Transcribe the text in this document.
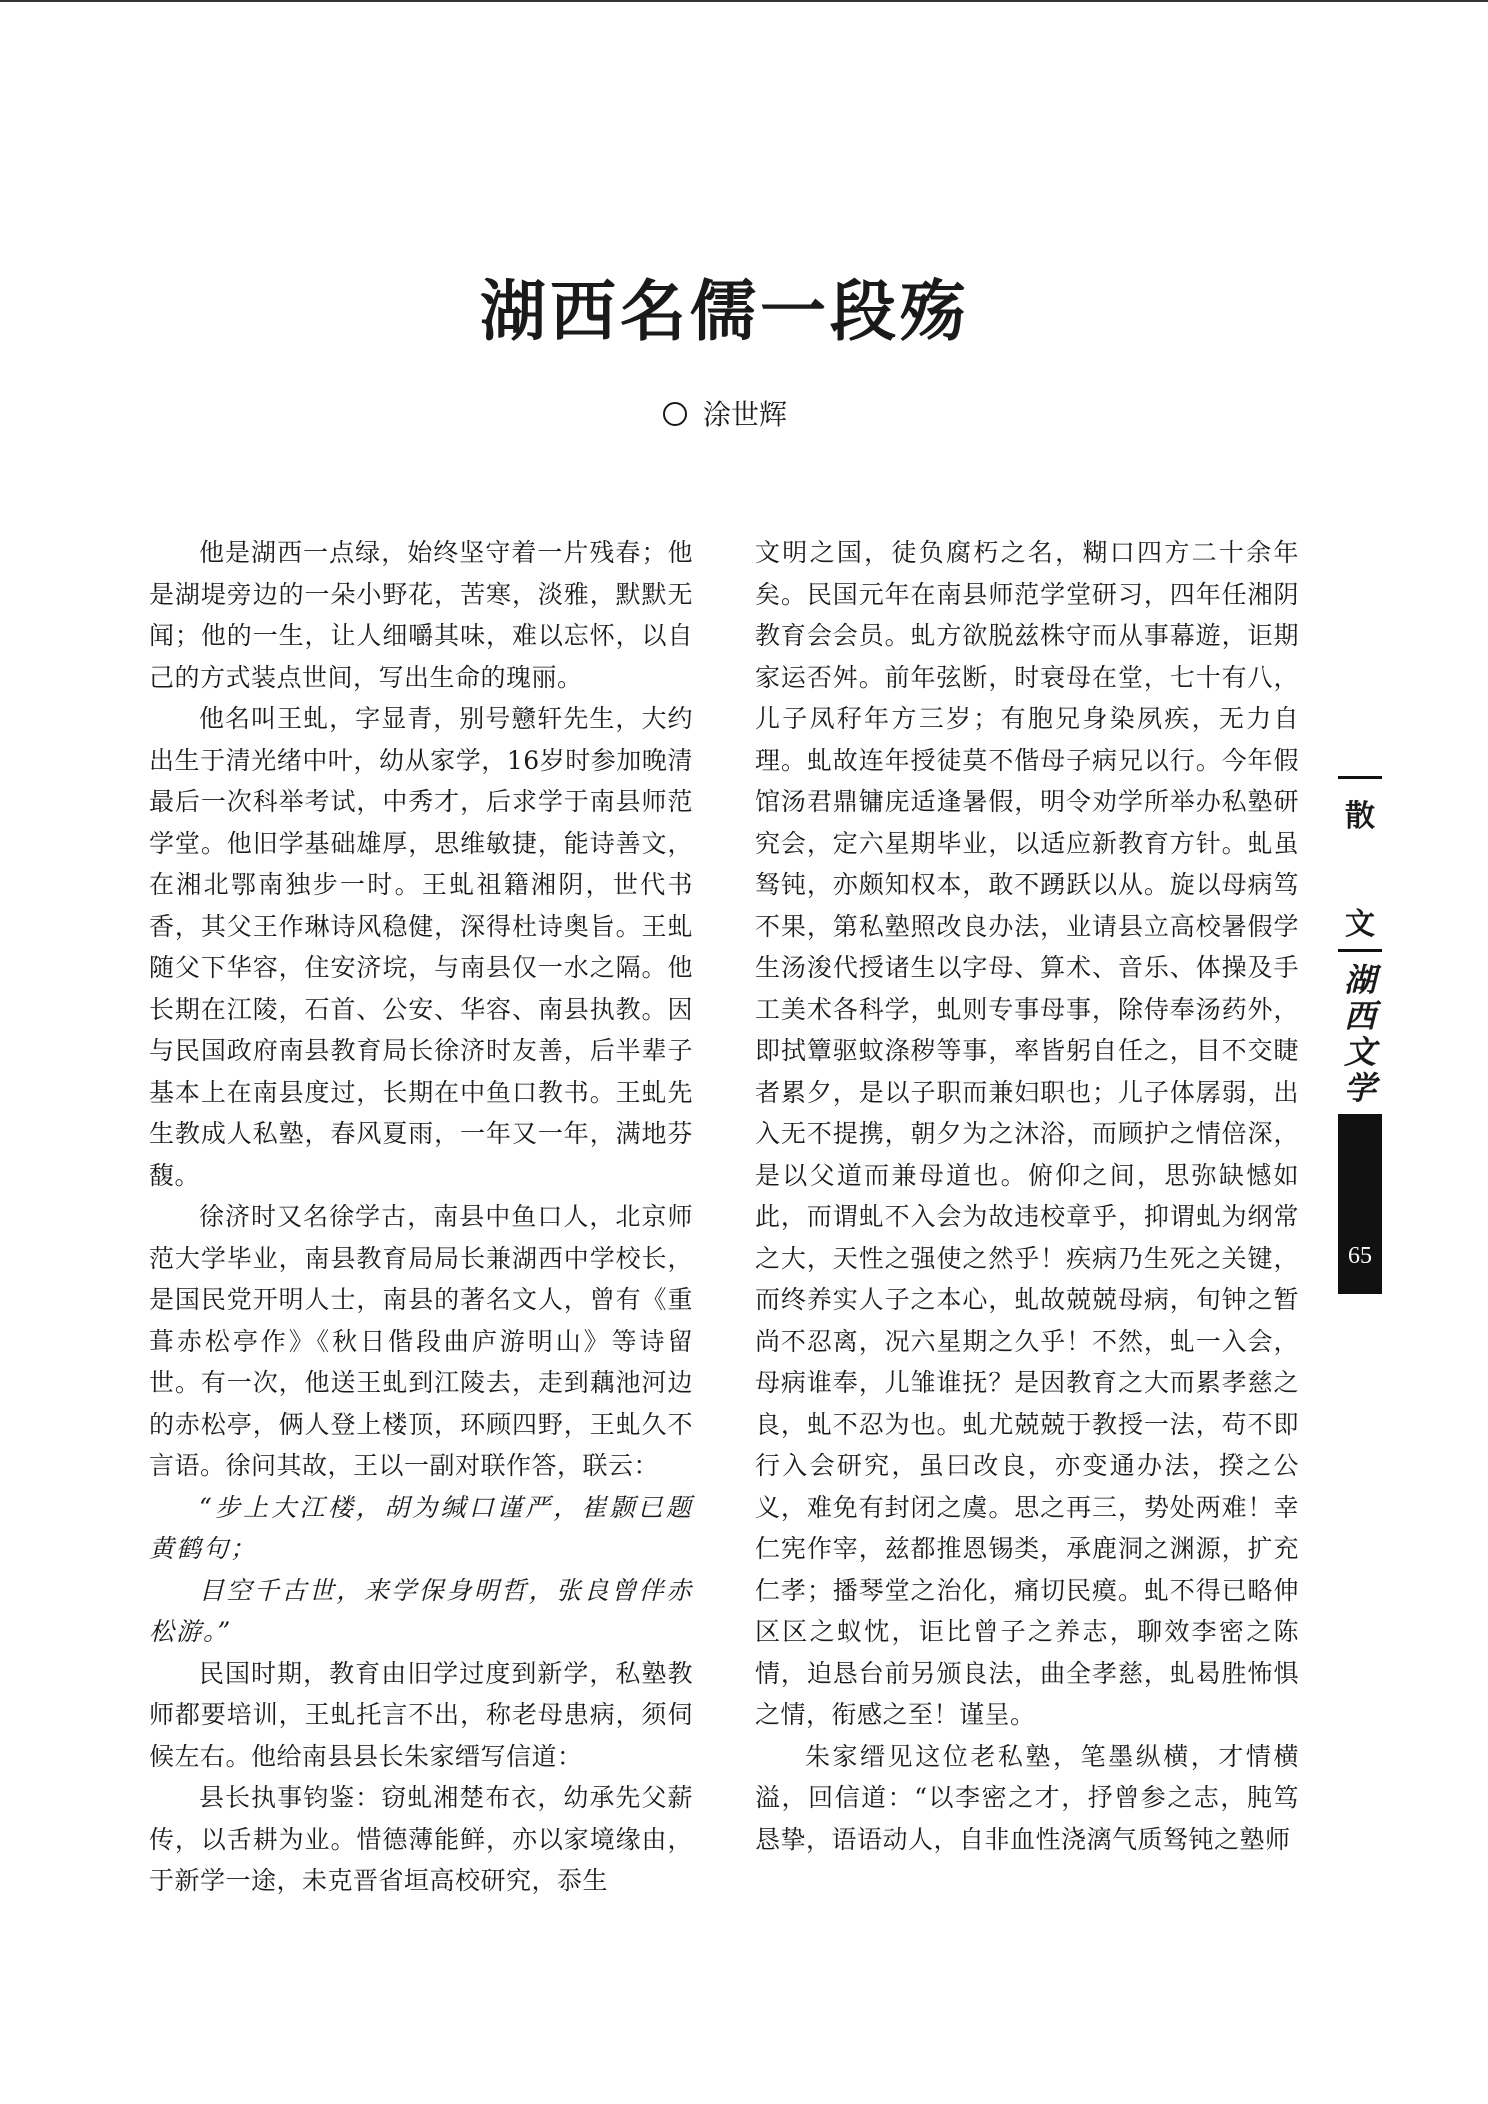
湖西名儒一段殇
涂世辉

他是湖西一点绿，始终坚守着一片残春；他是湖堤旁边的一朵小野花，苦寒，淡雅，默默无闻；他的一生，让人细嚼其味，难以忘怀，以自己的方式装点世间，写出生命的瑰丽。

他名叫王虬，字显青，别号戆轩先生，大约出生于清光绪中叶，幼从家学，16岁时参加晚清最后一次科举考试，中秀才，后求学于南县师范学堂。他旧学基础雄厚，思维敏捷，能诗善文，在湘北鄂南独步一时。王虬祖籍湘阴，世代书香，其父王作琳诗风稳健，深得杜诗奥旨。王虬随父下华容，住安济垸，与南县仅一水之隔。他长期在江陵，石首、公安、华容、南县执教。因与民国政府南县教育局长徐济时友善，后半辈子基本上在南县度过，长期在中鱼口教书。王虬先生教成人私塾，春风夏雨，一年又一年，满地芬馥。

徐济时又名徐学古，南县中鱼口人，北京师范大学毕业，南县教育局局长兼湖西中学校长，是国民党开明人士，南县的著名文人，曾有《重葺赤松亭作》《秋日偕段曲庐游明山》等诗留世。有一次，他送王虬到江陵去，走到藕池河边的赤松亭，俩人登上楼顶，环顾四野，王虬久不言语。徐问其故，王以一副对联作答，联云：

“步上大江楼，胡为缄口谨严，崔颢已题黄鹤句；

目空千古世，来学保身明哲，张良曾伴赤松游。”

民国时期，教育由旧学过度到新学，私塾教师都要培训，王虬托言不出，称老母患病，须伺候左右。他给南县县长朱家缙写信道：

县长执事钧鉴：窃虬湘楚布衣，幼承先父薪传，以舌耕为业。惜德薄能鲜，亦以家境缘由，于新学一途，未克晋省垣高校研究，忝生

文明之国，徒负腐朽之名，糊口四方二十余年矣。民国元年在南县师范学堂研习，四年任湘阴教育会会员。虬方欲脱兹株守而从事幕遊，讵期家运否舛。前年弦断，时衰母在堂，七十有八，儿子凤秄年方三岁；有胞兄身染夙疾，无力自理。虬故连年授徒莫不偕母子病兄以行。今年假馆汤君鼎镛庑适逢暑假，明令劝学所举办私塾研究会，定六星期毕业，以适应新教育方针。虬虽驽钝，亦颇知权本，敢不踴跃以从。旋以母病笃不果，第私塾照改良办法，业请县立高校暑假学生汤浚代授诸生以字母、算术、音乐、体操及手工美术各科学，虬则专事母事，除侍奉汤药外，即拭簟驱蚊涤秽等事，率皆躬自任之，目不交睫者累夕，是以子职而兼妇职也；儿子体孱弱，出入无不提携，朝夕为之沐浴，而顾护之情倍深，是以父道而兼母道也。俯仰之间，思弥缺憾如此，而谓虬不入会为故违校章乎，抑谓虬为纲常之大，天性之强使之然乎！疾病乃生死之关键，而终养实人子之本心，虬故兢兢母病，旬钟之暂尚不忍离，况六星期之久乎！不然，虬一入会，母病谁奉，儿雏谁抚？是因教育之大而累孝慈之良，虬不忍为也。虬尤兢兢于教授一法，苟不即行入会研究，虽曰改良，亦变通办法，揆之公义，难免有封闭之虞。思之再三，势处两难！幸仁宪作宰，兹都推恩锡类，承鹿洞之渊源，扩充仁孝；播琴堂之治化，痛切民瘼。虬不得已略伸区区之蚁忱，讵比曾子之养志，聊效李密之陈情，迫恳台前另颁良法，曲全孝慈，虬曷胜怖惧之情，衔感之至！谨呈。

朱家缙见这位老私塾，笔墨纵横，才情横溢，回信道：“以李密之才，抒曾参之志，肫笃恳挚，语语动人，自非血性浇漓气质驽钝之塾师

散
文
湖
西
文
学
65
